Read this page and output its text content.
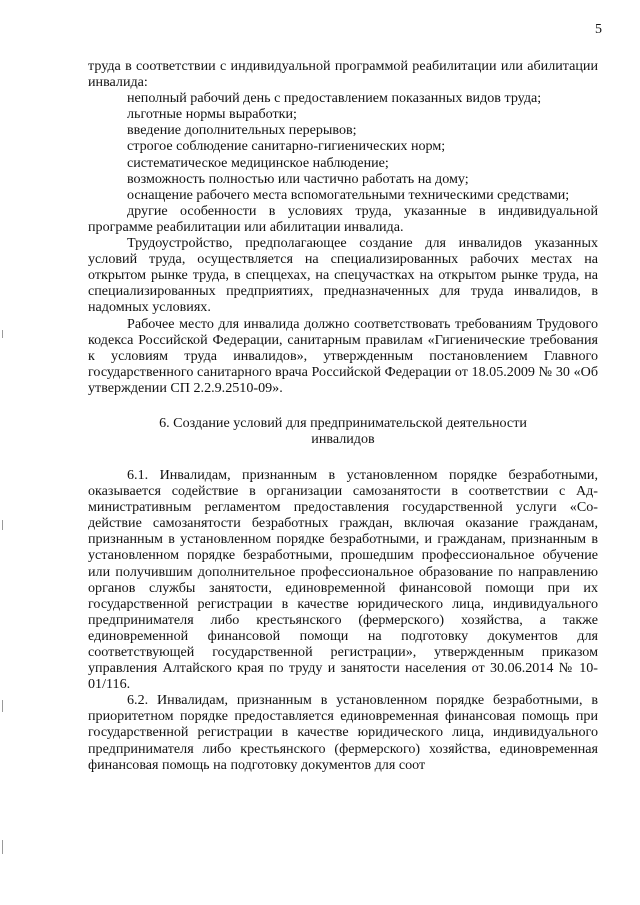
5

труда в соответствии с индивидуальной программой реабилитации или абилитации инвалида:

неполный рабочий день с предоставлением показанных видов труда;

льготные нормы выработки;

введение дополнительных перерывов;

строгое соблюдение санитарно-гигиенических норм;

систематическое медицинское наблюдение;

возможность полностью или частично работать на дому;

оснащение рабочего места вспомогательными техническими средствами;

другие особенности в условиях труда, указанные в индивидуальной программе реабилитации или абилитации инвалида.

Трудоустройство, предполагающее создание для инвалидов указанных условий труда, осуществляется на специализированных рабочих местах на открытом рынке труда, в спеццехах, на спецучастках на открытом рынке труда, на специализированных предприятиях, предназначенных для труда инвалидов, в надомных условиях.

Рабочее место для инвалида должно соответствовать требованиям Трудового кодекса Российской Федерации, санитарным правилам «Гигиенические требования к условиям труда инвалидов», утвержденным постановлением Главного государственного санитарного врача Российской Федерации от 18.05.2009 № 30 «Об утверждении СП 2.2.9.2510-09».

6. Создание условий для предпринимательской деятельности
инвалидов

6.1. Инвалидам, признанным в установленном порядке безработными, оказывается содействие в организации самозанятости в соответствии с Административным регламентом предоставления государственной услуги «Содействие самозанятости безработных граждан, включая оказание гражданам, признанным в установленном порядке безработными, и гражданам, признанным в установленном порядке безработными, прошедшим профессиональное обучение или получившим дополнительное профессиональное образование по направлению органов службы занятости, единовременной финансовой помощи при их государственной регистрации в качестве юридического лица, индивидуального предпринимателя либо крестьянского (фермерского) хозяйства, а также единовременной финансовой помощи на подготовку документов для соответствующей государственной регистрации», утвержденным приказом управления Алтайского края по труду и занятости населения от 30.06.2014 № 10-01/116.

6.2. Инвалидам, признанным в установленном порядке безработными, в приоритетном порядке предоставляется единовременная финансовая помощь при государственной регистрации в качестве юридического лица, индивидуального предпринимателя либо крестьянского (фермерского) хозяйства, единовременная финансовая помощь на подготовку документов для соот
